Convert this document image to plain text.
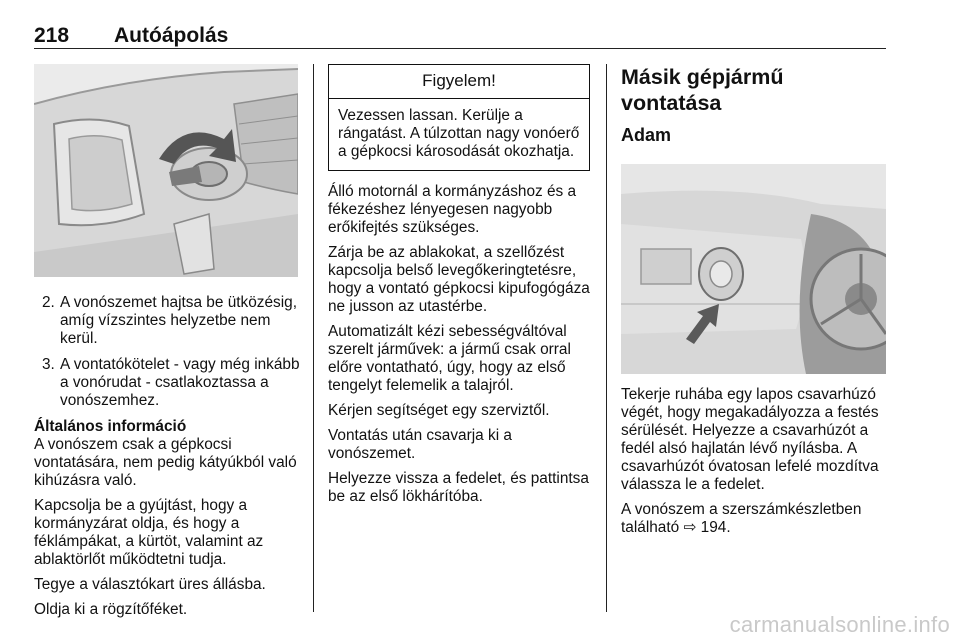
218 Autóápolás
2. A vonószemet hajtsa be ütközésig, amíg vízszintes helyzetbe nem kerül.
3. A vontatókötelet - vagy még inkább a vonórudat - csatlakoztassa a vonószemhez.

Általános információ

A vonószem csak a gépkocsi vontatására, nem pedig kátyúkból való kihúzásra való.

Kapcsolja be a gyújtást, hogy a kormányzárat oldja, és hogy a féklámpákat, a kürtöt, valamint az ablaktörlőt működtetni tudja.

Tegye a választókart üres állásba.

Oldja ki a rögzítőféket.

Figyelem!
Vezessen lassan. Kerülje a rángatást. A túlzottan nagy vonóerő a gépkocsi károsodását okozhatja.

Álló motornál a kormányzáshoz és a fékezéshez lényegesen nagyobb erőkifejtés szükséges.

Zárja be az ablakokat, a szellőzést kapcsolja belső levegőkeringtetésre, hogy a vontató gépkocsi kipufogógáza ne jusson az utastérbe.

Automatizált kézi sebességváltóval szerelt járművek: a jármű csak orral előre vontatható, úgy, hogy az első tengelyt felemelik a talajról.

Kérjen segítséget egy szerviztől.

Vontatás után csavarja ki a vonószemet.

Helyezze vissza a fedelet, és pattintsa be az első lökhárítóba.

Másik gépjármű vontatása
Adam

Tekerje ruhába egy lapos csavarhúzó végét, hogy megakadályozza a festés sérülését. Helyezze a csavarhúzót a fedél alsó hajlatán lévő nyílásba. A csavarhúzót óvatosan lefelé mozdítva válassza le a fedelet.

A vonószem a szerszámkészletben található ⇨ 194.

carmanualsonline.info
